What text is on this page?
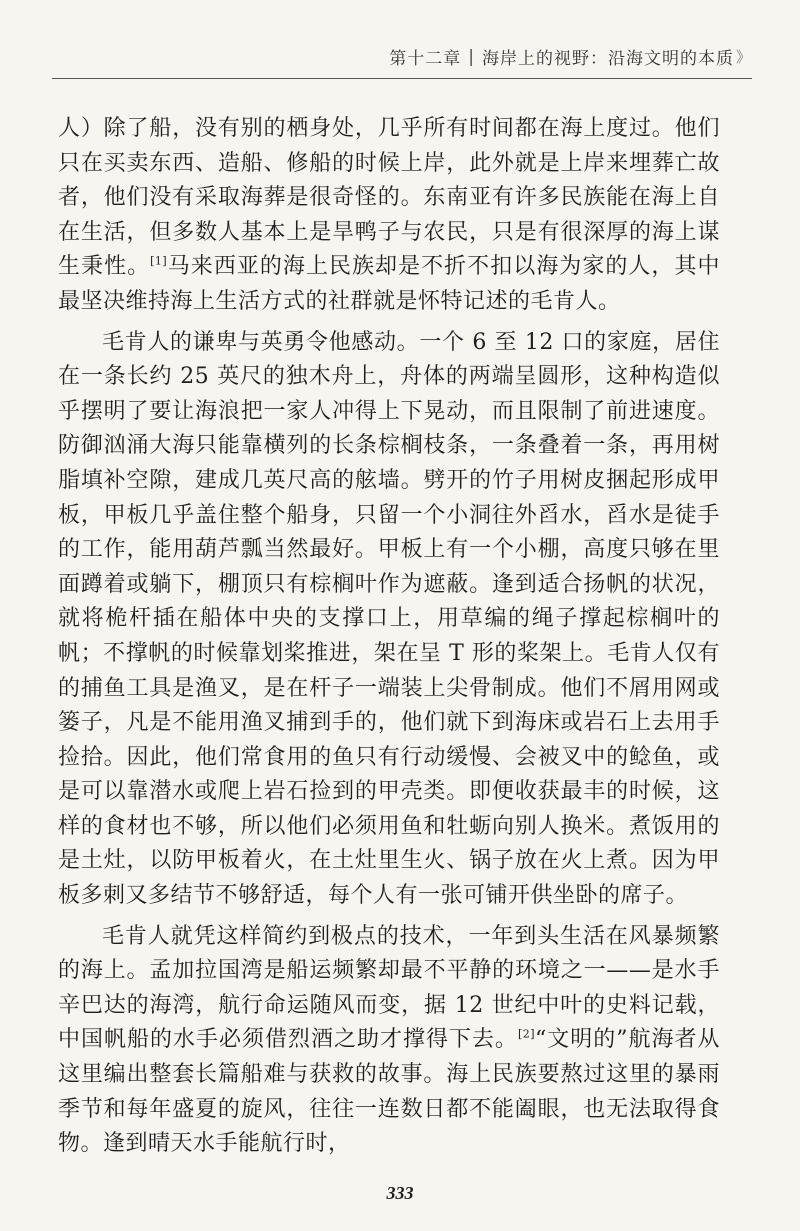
第十二章 | 海岸上的视野：沿海文明的本质 》

人）除了船，没有别的栖身处，几乎所有时间都在海上度过。他们只在买卖东西、造船、修船的时候上岸，此外就是上岸来埋葬亡故者，他们没有采取海葬是很奇怪的。东南亚有许多民族能在海上自在生活，但多数人基本上是旱鸭子与农民，只是有很深厚的海上谋生秉性。[1]马来西亚的海上民族却是不折不扣以海为家的人，其中最坚决维持海上生活方式的社群就是怀特记述的毛肯人。

毛肯人的谦卑与英勇令他感动。一个 6 至 12 口的家庭，居住在一条长约 25 英尺的独木舟上，舟体的两端呈圆形，这种构造似乎摆明了要让海浪把一家人冲得上下晃动，而且限制了前进速度。防御汹涌大海只能靠横列的长条棕榈枝条，一条叠着一条，再用树脂填补空隙，建成几英尺高的舷墙。劈开的竹子用树皮捆起形成甲板，甲板几乎盖住整个船身，只留一个小洞往外舀水，舀水是徒手的工作，能用葫芦瓢当然最好。甲板上有一个小棚，高度只够在里面蹲着或躺下，棚顶只有棕榈叶作为遮蔽。逢到适合扬帆的状况，就将桅杆插在船体中央的支撑口上，用草编的绳子撑起棕榈叶的帆；不撑帆的时候靠划桨推进，架在呈 T 形的桨架上。毛肯人仅有的捕鱼工具是渔叉，是在杆子一端装上尖骨制成。他们不屑用网或篓子，凡是不能用渔叉捕到手的，他们就下到海床或岩石上去用手捡拾。因此，他们常食用的鱼只有行动缓慢、会被叉中的鲶鱼，或是可以靠潜水或爬上岩石捡到的甲壳类。即便收获最丰的时候，这样的食材也不够，所以他们必须用鱼和牡蛎向别人换米。煮饭用的是土灶，以防甲板着火，在土灶里生火、锅子放在火上煮。因为甲板多刺又多结节不够舒适，每个人有一张可铺开供坐卧的席子。

毛肯人就凭这样简约到极点的技术，一年到头生活在风暴频繁的海上。孟加拉国湾是船运频繁却最不平静的环境之一——是水手辛巴达的海湾，航行命运随风而变，据 12 世纪中叶的史料记载，中国帆船的水手必须借烈酒之助才撑得下去。[2]“文明的”航海者从这里编出整套长篇船难与获救的故事。海上民族要熬过这里的暴雨季节和每年盛夏的旋风，往往一连数日都不能阖眼，也无法取得食物。逢到晴天水手能航行时，

333
